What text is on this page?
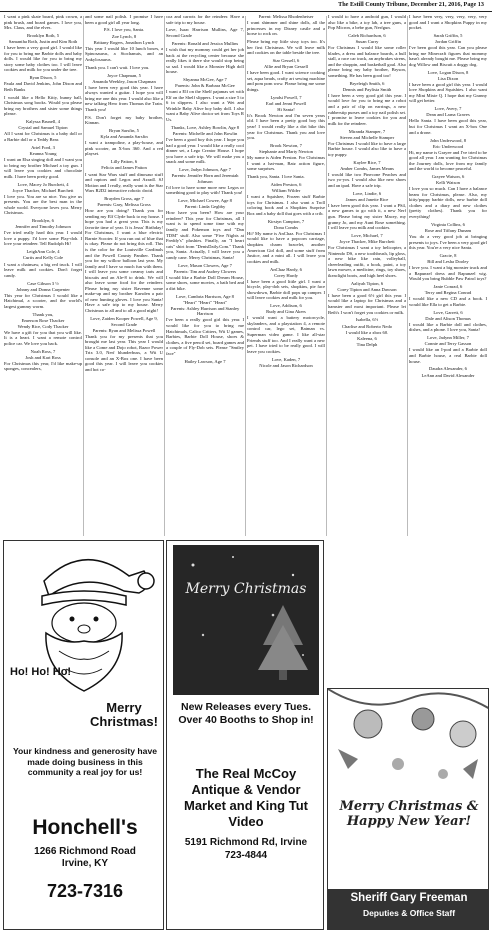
The Estill County Tribune, December 21, 2016, Page 13

I want a pink skate board, pink crown, a pink brush, and board games. I love you, Mrs. Claus, and the elves.

Brooklyn Roth, 5

Samantha Roth, Justin and Kim Roth

I have been a very good girl. I would like for you to bring me Barbie dolls and baby dolls. I would like for you to bring my story some baby clothes too. I will leave cookies and milk for you under the tree.

Ryan Dixon, 5

Paula and David Jenkins, John Dixon and Beth Banks

I would like a Hello Kitty, bunny ball, Christmas song books. Would you please bring my brothers and sister some things please.

Kalyssa Brunell, 4

Crystal and Samuel Tipton

All I want for Christmas is a baby doll or a Barbie doll or a Teddy Bear.

Ariel Ford, 3

Keanna Young

I want an Elsa singing doll and I want you to bring my brother Michael a toy gun. I will leave you cookies and chocolate milk. I have been pretty good.

Love, Macey Jo Burchett, 4

Joyce Thacker, Michael Burchett

I love you. You are so nice. You give us presents. You are the best man in the whole world. Everyone loves you. Merry Christmas.

Brooklyn, 6

Jennifer and Timothy Johnson

I've tried really hard this year. I would love a puppy. I'd love some Play-doh. I love your reindeer. Tell Rudolph Hi!

LeighAnn Cole, 4

Curtis and Kelly Cole

I want a chainsaw, a big red truck. I will leave milk and cookies. Don't forget candy.

Case Gibson 3 ½

Johnny and Donna Carpenter

This year for Christmas I would like a Hatchimal, a scooter, and the world's largest gummy worm.

Thank you,

Emerson Rose Thacker

Wendy Rice, Cody Thacker

We have a gift for you that you will like. It is a heart. I want a remote control police car. We love you back.

Noah Ross, 7

Josh and Kari Ross

For Christmas this year, I'd like make-up sponges, concealers,

and some nail polish. I promise I have been a good girl all year long.

P.S. I love you, Santa.

Zoe Lynch, 8

Brittany Rogers, Jonathon Lynch

This year I would like 10 lunch boxes, a Spinosaurus, a Stochanuis, and an Ankylosaurus.

Thank you. I can't wait. I love you.

Joyce Chapman, 5

Amanda Weekley, Jason Chapman

I have been very good this year. I have always wanted a guitar. I hope you will bring me one this year. I would also like a new talking Hero from Thomas the Train. Thank you!

P.S. Don't forget my baby brother, Kinnan.

Bryan Sarsfin, 5

Kyla and Amanda Sarsfin

I want a trampoline, a play-house, and pink scooter, an X-box 360. And a red playset.

Lilly Patton, 6

Felicia and James Patton

I want Star Wars stuff and dinosaur stuff and raptors and Legos and Azradl. SJ Motion and I really, really want is the Star Wars R2D2 interactive robotic droid.

Brayden Gross, age 7

Parents: Gary, Melissa Gross

How are you doing? Thank you for sending my Elf Clyde back to my house. I hope you had a great year. This is my favorite time of year. It is Jesus' Birthday! For Christmas, I want a blue electric Barnie Scooter. If you run out of blue that is okay. Please do not bring this roll. This is the color for the Louisville Cardinals and the Powell County Panther. Thank you for my willow balloon last year. My family and I have so much fun with them. I will leave you some creamy tarts and biscuits and an Ale-8 to drink. We will also leave some food for the reindeer. Please bring my sister Ravenne some make-up and my brother Karsden a pair of new hunting gloves. I love you Santa! Have a safe trip to my house. Merry Christmas to all and to all a good night!

Love, Zaiden Kooper Powell, Age 9, Second Grade

Parents: Ryan and Melissa Powell

Thank you for my presents that you brought me last year. This year I would like a Come and Dojo robot, Razor Power Trix 3.0, Nerf blunderbuss, a Wii U console and an X-Box one. I have been good this year. I will leave you cookies and hot co-

coa and carrots for the reindeer. Have a safe trip to my house.

Love, Isaac Harrison Mullins, Age 7, Second Grade

Parents: Ronald and Jessica Mullins

I wish that my mommy could get her job back at the recycling center because she really likes it there she would stop being so sad. I would like a Monster High doll house.

Shyanna McGee, Age 7

Parents: John & Barbara McGee

I want a Elf on the Shelf pajamas set with Elf on the Shelf slippers. I want a size 5 to 6 in slippers. I also want a Wet and Wrinkle Baby Alive boy baby doll. I also want a Baby Alive doctor set from Toys R Us.

Thanks, Love, Ashley Bowlin, Age 8

Parents: Michelle and John Bowlin

I've been a good boy this year. I hope you had a good year. I would like a really cool dinner set, a Lego Creator House. I hope you have a safe trip. We will make you a snack and some milk.

Love, Jadyn Johnson, Age 7

Parents: Jennifer Horn and Jeremiah Johnson

I'd love to have some more new Legos or something good to play with! Thank you!

Love, Michael Cowee, Age 8

Parent: Linda Gegbby

How have you been? How are your reindeer? This year for Christmas, all I want is to spend some time with my family and Pokemon toys and "Dan TDM" stuff. Also some "Five Nights at Freddy's" plushies. Finally, an "I heart cats" shirt from "DenisDaily.Com." Thank you, Santa. Actually, I will leave you a candy cane. Merry Christmas, Santa!

Love, Mason Clowers, Age 7

Parents: Tim and Audrey Clowers

I would like a Barbie Doll Dream House, some shoes, some movies, a bath bed and a dirt bike.

Love, Cambria Harrison, Age 8

"Heart" "Heart" "Heart"

Parents: Ashley Harrison and Stanley Harrison

I've been a really good girl this year. I would like for you to bring me Hatchimals, Calico Critters, Wii U games, Barbies, Barbie Doll House, shoes & clothes, a five pencil set, board games and a couple of Fly-Dob sets. Please "Smiley face"

Hailey Lawson, Age 7

Parent: Melissa Rhodenheiser

I want shimmer and shine dolls, all the princesses in my Disney castle and a horse to rock on.

Please bring my little sissy toys too. It's her first Christmas. We will leave milk and cookies on the table beside the tree.

Star Gessell, 6

Allie and Bryan Gessell

I have been good. I want science cooking set, aqua beads, crafty art sewing machine and pom pom wow. Please bring me some things.

Lyndsi Powell, 7

Earl and Jenni Powell

Hi Santa!

It's Brook Newton and I'm seven years old. I have been a pretty good boy this year! I would really like a dirt bike this year for Christmas. Thank you and love you.

Brook Newton, 7

Stephanie and Marty Newton

My name is Aiden Preston. For Christmas I want a hat-man, Batz action figure, some surprises.

Thank you, Santa. I love Santa.

Aiden Preston, 6

William Wilder

I want a Squishee, Frozen stuff Barbie toys for Christmas. I also want a Troll coloring book and a Shopkins Surprise Box and a baby doll that goes with a crib.

Kirstyn Campton, 7

Dona Combs

Hi? My name is AnChaz. For Christmas I would like to have a popcorn carriage, shopkins charm bracelet, another American Girl doll, and some stuff from Justice, and a mini all. I will leave you cookies and milk.

AnChaz Hardy, 6

Corey Hardy

I have been a good little girl. I want a bicycle, play-doh sets, shopkins, pie face showdown, Barbie doll pops up camper. I will leave cookies and milk for you.

Love, Addison, 6

Rudy and Gina Akers

I would want a battery motorcycle, skylanders, and a playstation 4, a remote control car, lego set, Batman vs. Superman video game. I like all-star Friends stuff too. And I really want a new pet. I have tried to be really good. I will leave you cookies.

Love, Kaden, 7

Nicole and Jason Richardson

I would to have a android gun, I would also like a bike, a toy lab, a tree guns, a Pop Micron, a bebe gun, Nerfgun.

Caleb Richardson, 6

Susan Curry

For Christmas I would like some roller blades, a dress and balance boards, a bull stall, a race car track, an anybrakes sirens, and the shoppin, and basketball goal. Also please bring my baby brother, Bryson, something. He has been good too!

Bryeleigh Smith, 6

Dennis and Paylisia Smith

I have been a very good girl this year. I would love for you to bring me a robot and a pair of clip on earrings, a new rubberstip purses and a toy nail polish set. I promise to leave cookies for you and milk for the reindeer.

Miranda Stamper, 7

Steven and Michelle Stamper

For Christmas I would like to have a large Barbie house. I would also like to have a toy puppy.

Kaylee Rice, 7

Amber Combs, James Means

I would like two Pinecone Peaches and two yo-yos. I would also like new shoes and an ipad. Have a safe trip.

Love, Lindie, 6

James and Janette Rice

I have been good this year. I want a PS4, a new games to go with it, a new Nerf gun. Please bring my sister Macey, my granny Jo, and my Aunt Rose something. I will leave you milk and cookies.

Love, Michael, 7

Joyce Thacker, Mike Burchett

For Christmas I want a toy helicopter, a Nintendo DS, a new toothbrush, lip gloss, a new bike like rain, volleyball, cheerleading outfit, a book, paint, a toy lawn mower, a medicine, rings, toy shoes, ikeaclight boots, and high heel shoes.

Aaliyah Tipton, 6

Corey Tipton and Anna Dawson

I have been a good 6½ girl this year. I would like a laptop for Christmas and a hamster and most important. Please let Beth's I won't forget you cookies or milk.

Isabella, 6½

Charlise and Roberto Nedo

I would like a xbox 60.

Kaleena, 6

Tina Delph

I have been very, very, very, very, very good and I want a Shopkins Puppy in my pocket.

Sarah Griffin, 5

Jordan Griffin

I've been good this year. Can you please bring me Minecraft figures that mommy hasn't already bought me. Please bring my dog Willow and Biscuit a doggy dog.

Love, Logan Dixon, 8

Lisa Dixon

I have been a good girl this year. I would love Shopkins and Squishies. I also want my Mini Mixie Q. I hope that my Granny will get better.

Love, Avery, 7

Dean and Larna Graves

Hello Santa. I have been good this year, but for Christmas I want an X-box One and a drone.

John Underwood, 8

Eric Underwood

Hi, my name is Grayee and I've tried to be good all year. I am wanting for Christmas the Journey dolls, love from my family and the world to become peaceful.

Grayee Watson, 6

Kelli Watson

I love you so much. Can I have a balance beam for Christmas, please. Also, my kitty/puppy barbie dolls, new barbie doll clothes and a diary and new clothes (pretty clothes). Thank you for everything!

Virginia Collins, 6

Rose and Tiffany Dunam

You do a very good job at bringing presents to joys. I've been a very good girl this year. You're a very nice Santa.

Gracie, 8

Bill and Lesha Dooley

I love you. I want a big monster truck and a Rapunzel dress and Rapunzel wig. Would you bring Bubble Paw Patrol toys?

Janie Conrad, 6

Terry and Regina Conrad

I would like a new CD and a book. I would like Ella to get a Barbie.

Love, Garrett, 6

Dale and Alison Thomas

I would like a Barbie doll and clothes, dishes, and a phone. I love you, Santa!

Love, Jadynn Miller, 7

Connie and Terry Gasson

I would like an I-pod and a Barbie doll and Barbie house, a real Barbie doll house.

Daudra Alexander, 6

LeAnn and David Alexander

Ho! Ho! Ho!
Merry Christmas!
Your kindness and generosity have made doing business in this community a real joy for us!
Honchell's
1266 Richmond Road
Irvine, KY
723-7316
Merry Christmas
New Releases every Tues. Over 40 Booths to Shop in!
The Real McCoy Antique & Vendor Market and King Tut Video
5191 Richmond Rd, Irvine
723-4844
Merry Christmas & Happy New Year!
Sheriff Gary Freeman
Deputies & Office Staff
